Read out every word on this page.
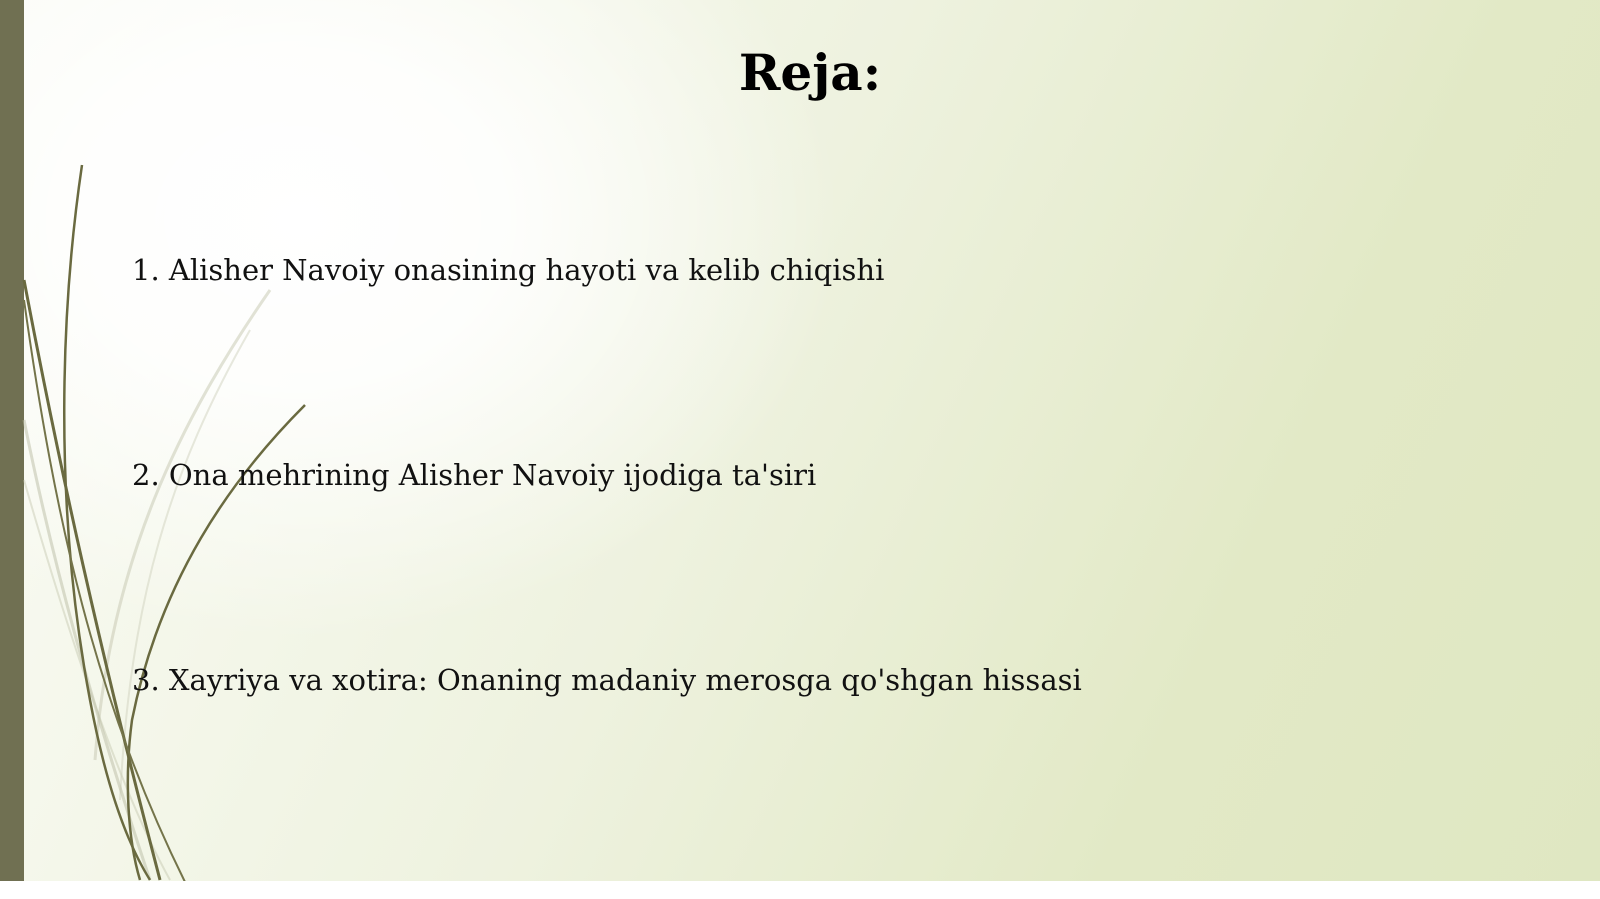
Reja:
1. Alisher Navoiy onasining hayoti va kelib chiqishi
2. Ona mehrining Alisher Navoiy ijodiga ta'siri
3. Xayriya va xotira: Onaning madaniy merosga qo'shgan hissasi
